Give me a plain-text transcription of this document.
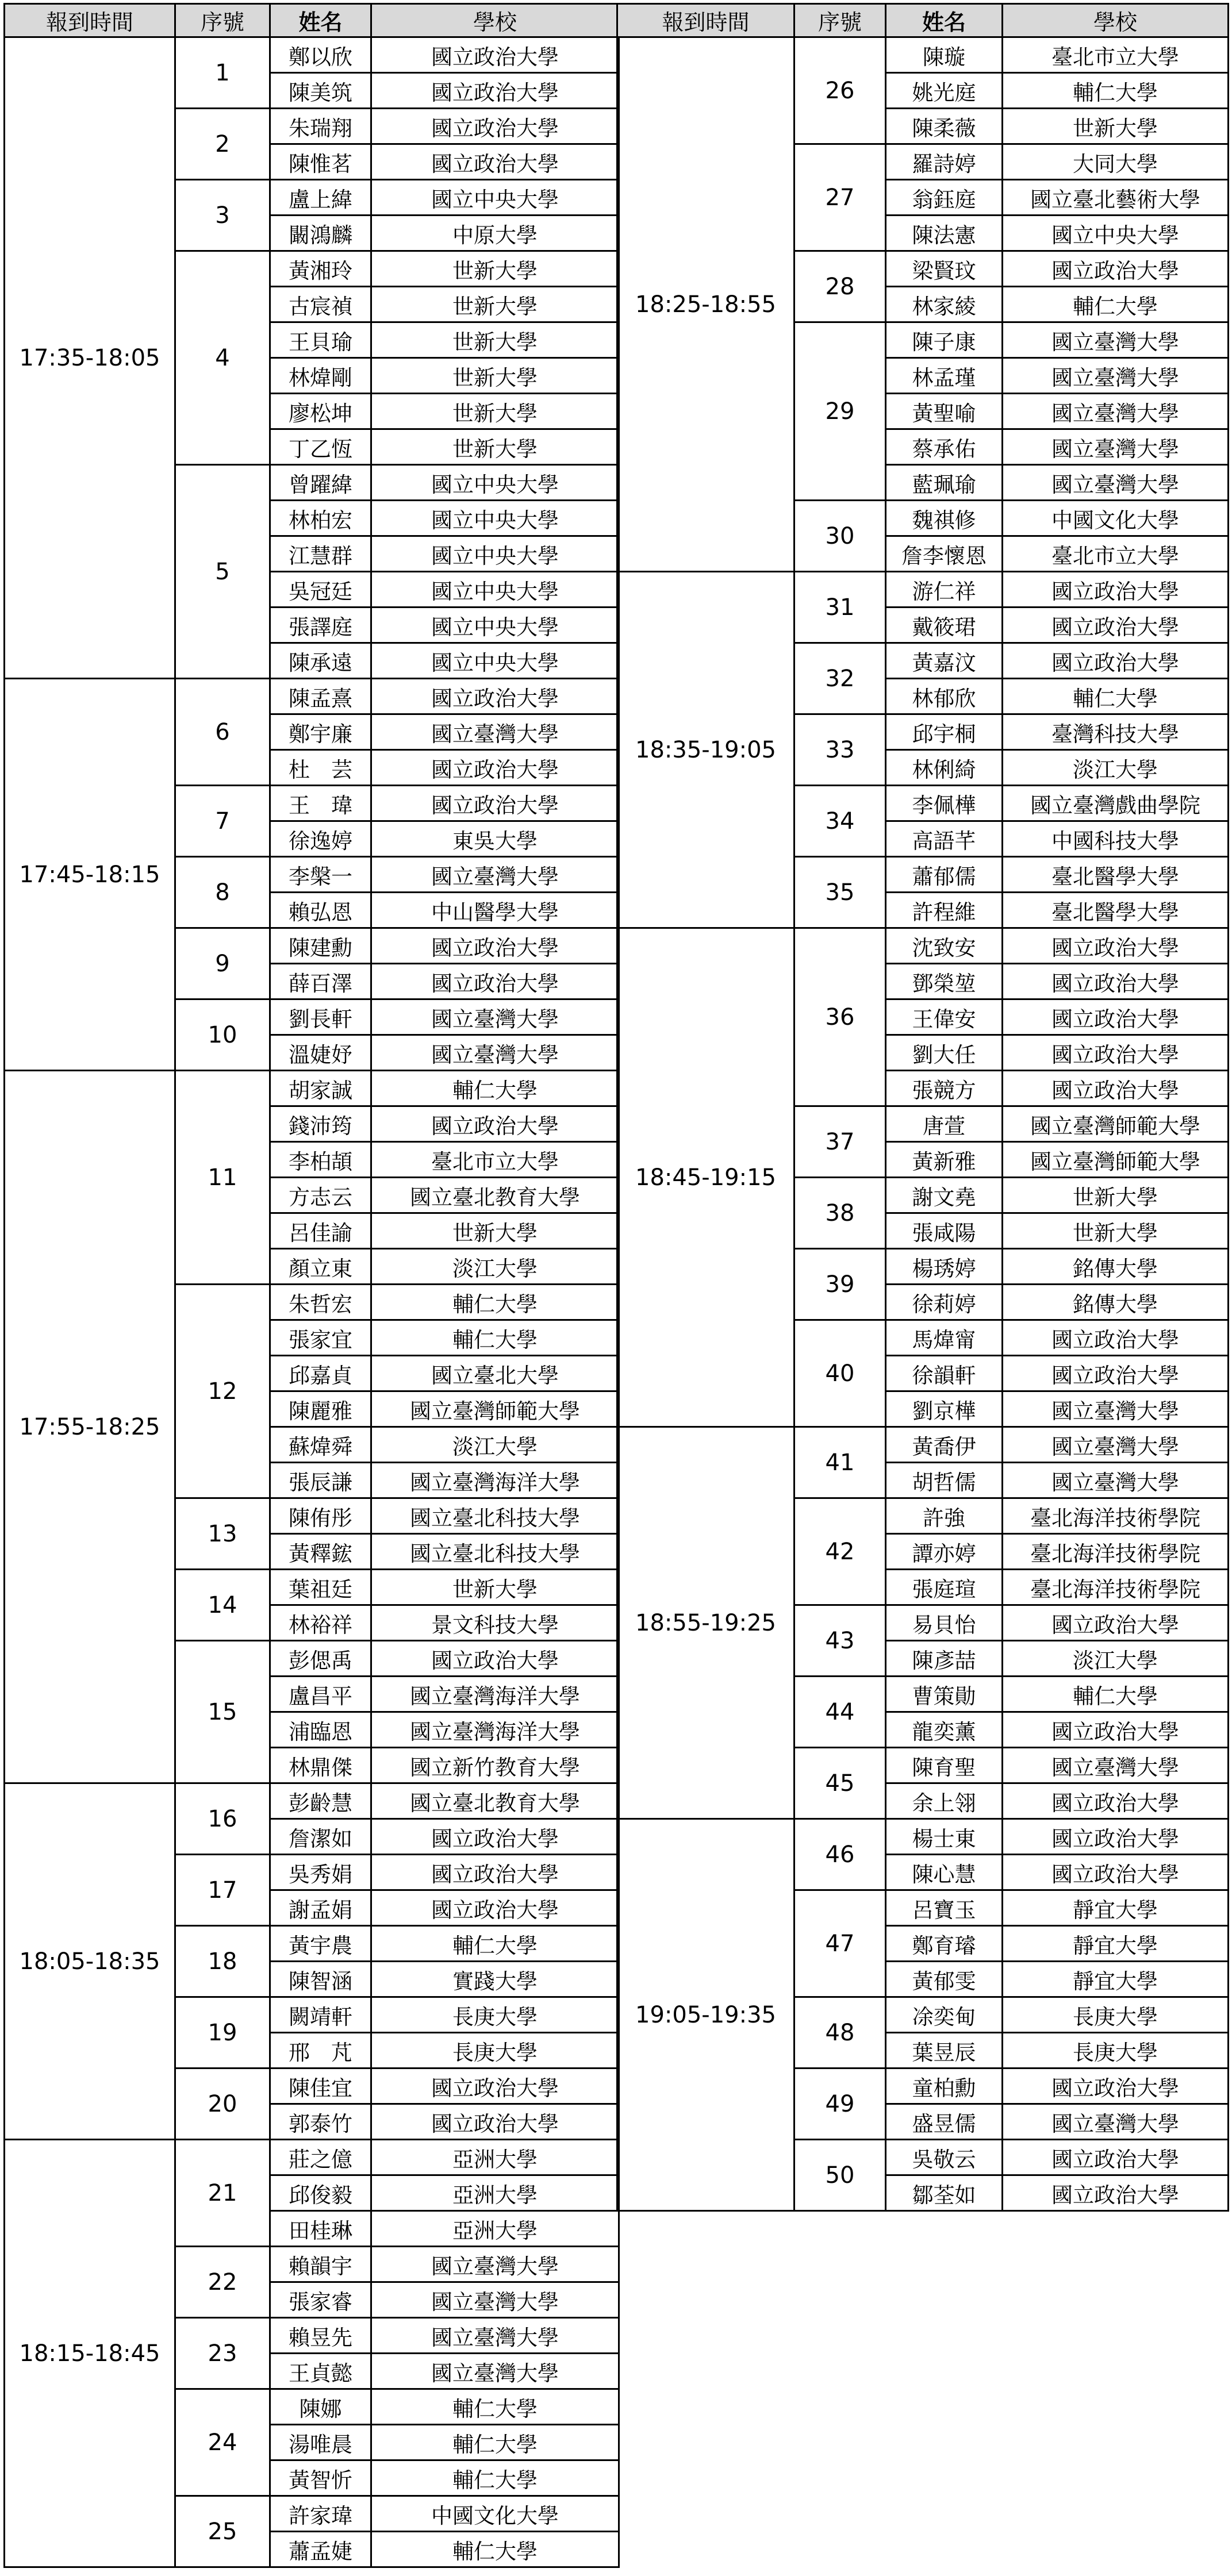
報到時間	序號	姓名	學校
17:35-18:05	1	鄭以欣	國立政治大學
		陳美筑	國立政治大學
	2	朱瑞翔	國立政治大學
		陳惟茗	國立政治大學
	3	盧上緯	國立中央大學
		闞鴻麟	中原大學
	4	黃湘玲	世新大學
		古宸禎	世新大學
		王貝瑜	世新大學
		林煒剛	世新大學
		廖松坤	世新大學
		丁乙恆	世新大學
	5	曾躍緯	國立中央大學
		林柏宏	國立中央大學
		江慧群	國立中央大學
		吳冠廷	國立中央大學
		張譯庭	國立中央大學
		陳承遠	國立中央大學
17:45-18:15	6	陳孟熹	國立政治大學
		鄭宇廉	國立臺灣大學
		杜　芸	國立政治大學
	7	王　瑋	國立政治大學
		徐逸婷	東吳大學
	8	李槃一	國立臺灣大學
		賴弘恩	中山醫學大學
	9	陳建勳	國立政治大學
		薛百澤	國立政治大學
	10	劉長軒	國立臺灣大學
		溫婕妤	國立臺灣大學
17:55-18:25	11	胡家誠	輔仁大學
		錢沛筠	國立政治大學
		李柏頡	臺北市立大學
		方志云	國立臺北教育大學
		呂佳諭	世新大學
		顏立東	淡江大學
	12	朱哲宏	輔仁大學
		張家宜	輔仁大學
		邱嘉貞	國立臺北大學
		陳麗雅	國立臺灣師範大學
		蘇煒舜	淡江大學
		張辰謙	國立臺灣海洋大學
	13	陳侑彤	國立臺北科技大學
		黃釋鋐	國立臺北科技大學
	14	葉祖廷	世新大學
		林裕祥	景文科技大學
	15	彭偲禹	國立政治大學
		盧昌平	國立臺灣海洋大學
		浦臨恩	國立臺灣海洋大學
		林鼎傑	國立新竹教育大學
18:05-18:35	16	彭齡慧	國立臺北教育大學
		詹潔如	國立政治大學
	17	吳秀娟	國立政治大學
		謝孟娟	國立政治大學
	18	黃宇農	輔仁大學
		陳智涵	實踐大學
	19	闕靖軒	長庚大學
		邢　芃	長庚大學
	20	陳佳宜	國立政治大學
		郭泰竹	國立政治大學
18:15-18:45	21	莊之億	亞洲大學
		邱俊毅	亞洲大學
		田桂琳	亞洲大學
	22	賴韻宇	國立臺灣大學
		張家睿	國立臺灣大學
	23	賴昱先	國立臺灣大學
		王貞懿	國立臺灣大學
	24	陳娜	輔仁大學
		湯唯晨	輔仁大學
		黃智忻	輔仁大學
	25	許家瑋	中國文化大學
		蕭孟婕	輔仁大學
報到時間	序號	姓名	學校
18:25-18:55	26	陳璇	臺北市立大學
		姚光庭	輔仁大學
		陳柔薇	世新大學
	27	羅詩婷	大同大學
		翁鈺庭	國立臺北藝術大學
		陳法憲	國立中央大學
	28	梁賢玟	國立政治大學
		林家綾	輔仁大學
	29	陳子康	國立臺灣大學
		林孟瑾	國立臺灣大學
		黃聖喻	國立臺灣大學
		蔡承佑	國立臺灣大學
		藍珮瑜	國立臺灣大學
	30	魏祺修	中國文化大學
		詹李懷恩	臺北市立大學
18:35-19:05	31	游仁祥	國立政治大學
		戴筱珺	國立政治大學
	32	黃嘉汶	國立政治大學
		林郁欣	輔仁大學
	33	邱宇桐	臺灣科技大學
		林俐綺	淡江大學
	34	李佩樺	國立臺灣戲曲學院
		高語芊	中國科技大學
	35	蕭郁儒	臺北醫學大學
		許程維	臺北醫學大學
18:45-19:15	36	沈致安	國立政治大學
		鄧榮堃	國立政治大學
		王偉安	國立政治大學
		劉大任	國立政治大學
		張競方	國立政治大學
	37	唐萱	國立臺灣師範大學
		黃新雅	國立臺灣師範大學
	38	謝文堯	世新大學
		張咸陽	世新大學
	39	楊琇婷	銘傳大學
		徐莉婷	銘傳大學
	40	馬煒甯	國立政治大學
		徐韻軒	國立政治大學
		劉京樺	國立臺灣大學
18:55-19:25	41	黃喬伊	國立臺灣大學
		胡哲儒	國立臺灣大學
	42	許強	臺北海洋技術學院
		譚亦婷	臺北海洋技術學院
		張庭瑄	臺北海洋技術學院
	43	易貝怡	國立政治大學
		陳彥喆	淡江大學
	44	曹策勛	輔仁大學
		龍奕薰	國立政治大學
	45	陳育聖	國立臺灣大學
		余上翎	國立政治大學
19:05-19:35	46	楊士東	國立政治大學
		陳心慧	國立政治大學
	47	呂寶玉	靜宜大學
		鄭育璿	靜宜大學
		黃郁雯	靜宜大學
	48	凃奕甸	長庚大學
		葉昱辰	長庚大學
	49	童柏勳	國立政治大學
		盛昱儒	國立臺灣大學
	50	吳敬云	國立政治大學
		鄒荃如	國立政治大學
